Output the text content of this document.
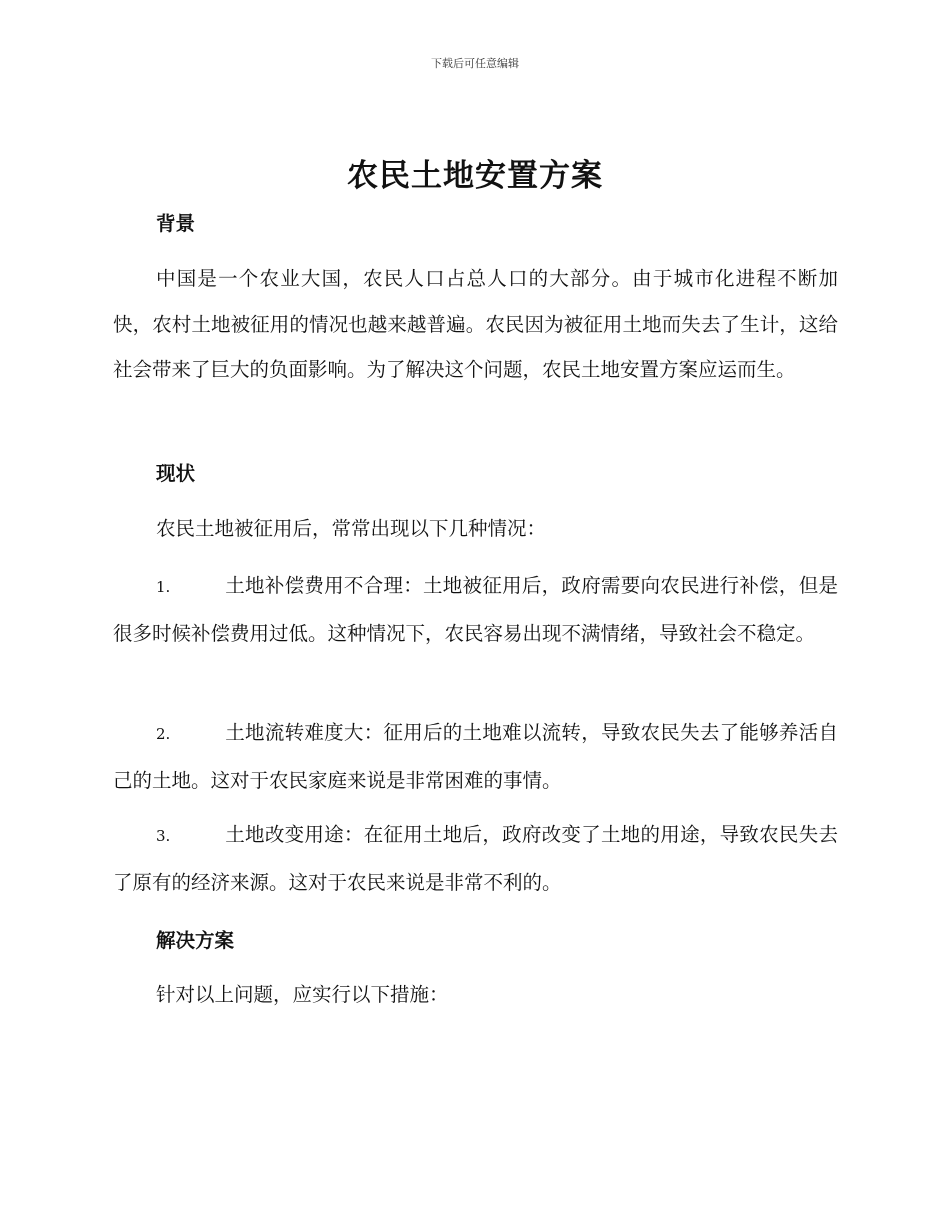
下载后可任意编辑
农民土地安置方案
背景
中国是一个农业大国，农民人口占总人口的大部分。由于城市化进程不断加快，农村土地被征用的情况也越来越普遍。农民因为被征用土地而失去了生计，这给社会带来了巨大的负面影响。为了解决这个问题，农民土地安置方案应运而生。
现状
农民土地被征用后，常常出现以下几种情况：
1.	土地补偿费用不合理：土地被征用后，政府需要向农民进行补偿，但是很多时候补偿费用过低。这种情况下，农民容易出现不满情绪，导致社会不稳定。
2.	土地流转难度大：征用后的土地难以流转，导致农民失去了能够养活自己的土地。这对于农民家庭来说是非常困难的事情。
3.	土地改变用途：在征用土地后，政府改变了土地的用途，导致农民失去了原有的经济来源。这对于农民来说是非常不利的。
解决方案
针对以上问题，应实行以下措施：
